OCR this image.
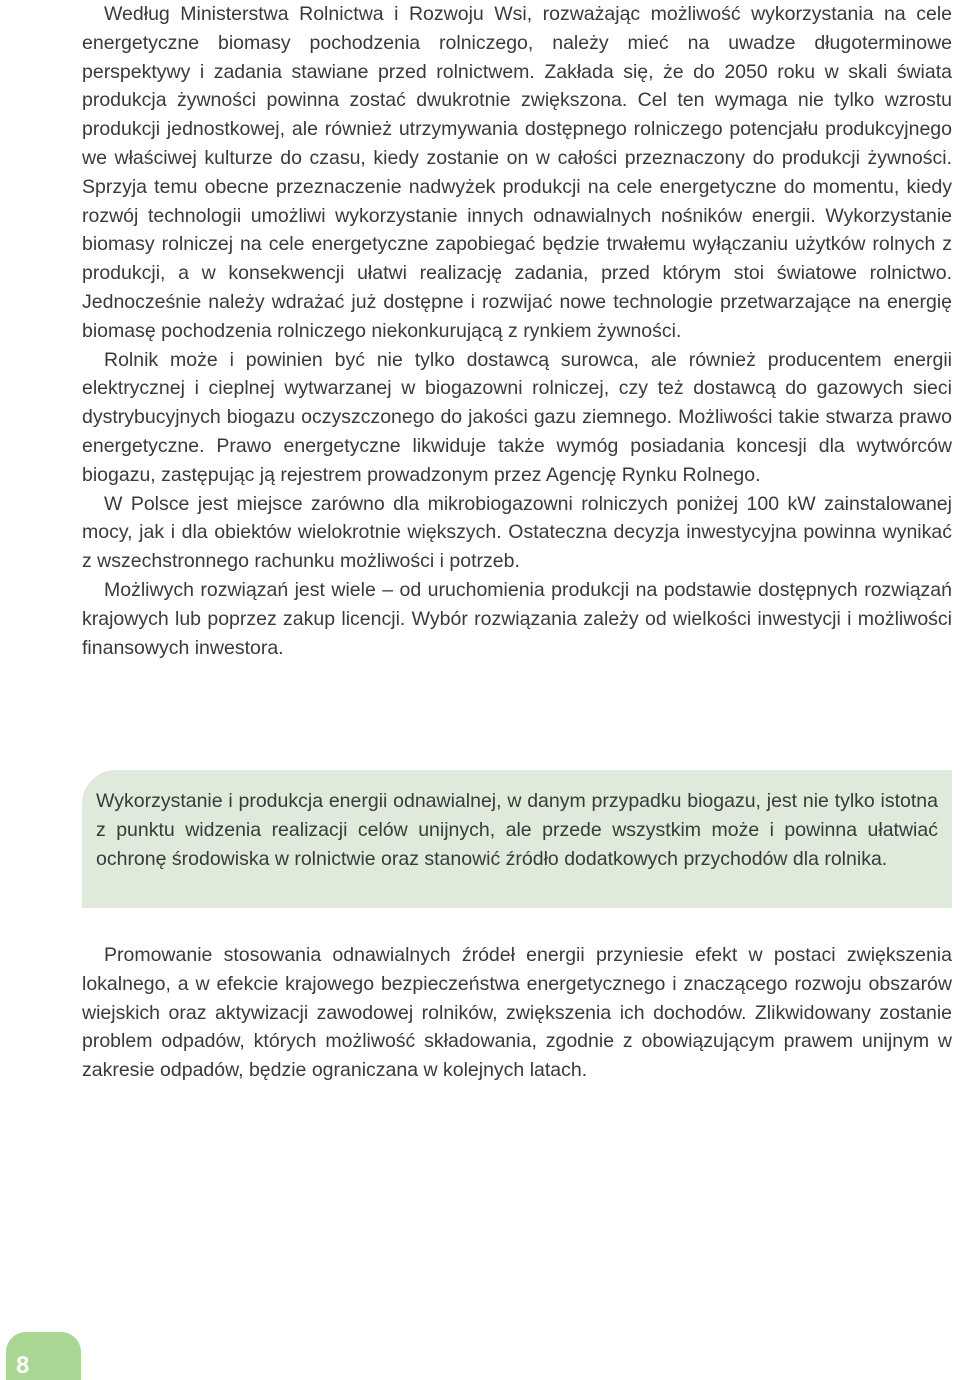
Według Ministerstwa Rolnictwa i Rozwoju Wsi, rozważając możliwość wykorzystania na cele energetyczne biomasy pochodzenia rolniczego, należy mieć na uwadze długoterminowe perspektywy i zadania stawiane przed rolnictwem. Zakłada się, że do 2050 roku w skali świata produkcja żywności powinna zostać dwukrotnie zwiększona. Cel ten wymaga nie tylko wzrostu produkcji jednostkowej, ale również utrzymywania dostępnego rolniczego potencjału produkcyjnego we właściwej kulturze do czasu, kiedy zostanie on w całości przeznaczony do produkcji żywności. Sprzyja temu obecne przeznaczenie nadwyżek produkcji na cele energetyczne do momentu, kiedy rozwój technologii umożliwi wykorzystanie innych odnawialnych nośników energii. Wykorzystanie biomasy rolniczej na cele energetyczne zapobiegać będzie trwałemu wyłączaniu użytków rolnych z produkcji, a w konsekwencji ułatwi realizację zadania, przed którym stoi światowe rolnictwo. Jednocześnie należy wdrażać już dostępne i rozwijać nowe technologie przetwarzające na energię biomasę pochodzenia rolniczego niekonkurującą z rynkiem żywności.

Rolnik może i powinien być nie tylko dostawcą surowca, ale również producentem energii elektrycznej i cieplnej wytwarzanej w biogazowni rolniczej, czy też dostawcą do gazowych sieci dystrybucyjnych biogazu oczyszczonego do jakości gazu ziemnego. Możliwości takie stwarza prawo energetyczne. Prawo energetyczne likwiduje także wymóg posiadania koncesji dla wytwórców biogazu, zastępując ją rejestrem prowadzonym przez Agencję Rynku Rolnego.

W Polsce jest miejsce zarówno dla mikrobiogazowni rolniczych poniżej 100 kW zainstalowanej mocy, jak i dla obiektów wielokrotnie większych. Ostateczna decyzja inwestycyjna powinna wynikać z wszechstronnego rachunku możliwości i potrzeb.

Możliwych rozwiązań jest wiele – od uruchomienia produkcji na podstawie dostępnych rozwiązań krajowych lub poprzez zakup licencji. Wybór rozwiązania zależy od wielkości inwestycji i możliwości finansowych inwestora.

Wykorzystanie i produkcja energii odnawialnej, w danym przypadku biogazu, jest nie tylko istotna z punktu widzenia realizacji celów unijnych, ale przede wszystkim może i powinna ułatwiać ochronę środowiska w rolnictwie oraz stanowić źródło dodatkowych przychodów dla rolnika.

Promowanie stosowania odnawialnych źródeł energii przyniesie efekt w postaci zwiększenia lokalnego, a w efekcie krajowego bezpieczeństwa energetycznego i znaczącego rozwoju obszarów wiejskich oraz aktywizacji zawodowej rolników, zwiększenia ich dochodów. Zlikwidowany zostanie problem odpadów, których możliwość składowania, zgodnie z obowiązującym prawem unijnym w zakresie odpadów, będzie ograniczana w kolejnych latach.

8
